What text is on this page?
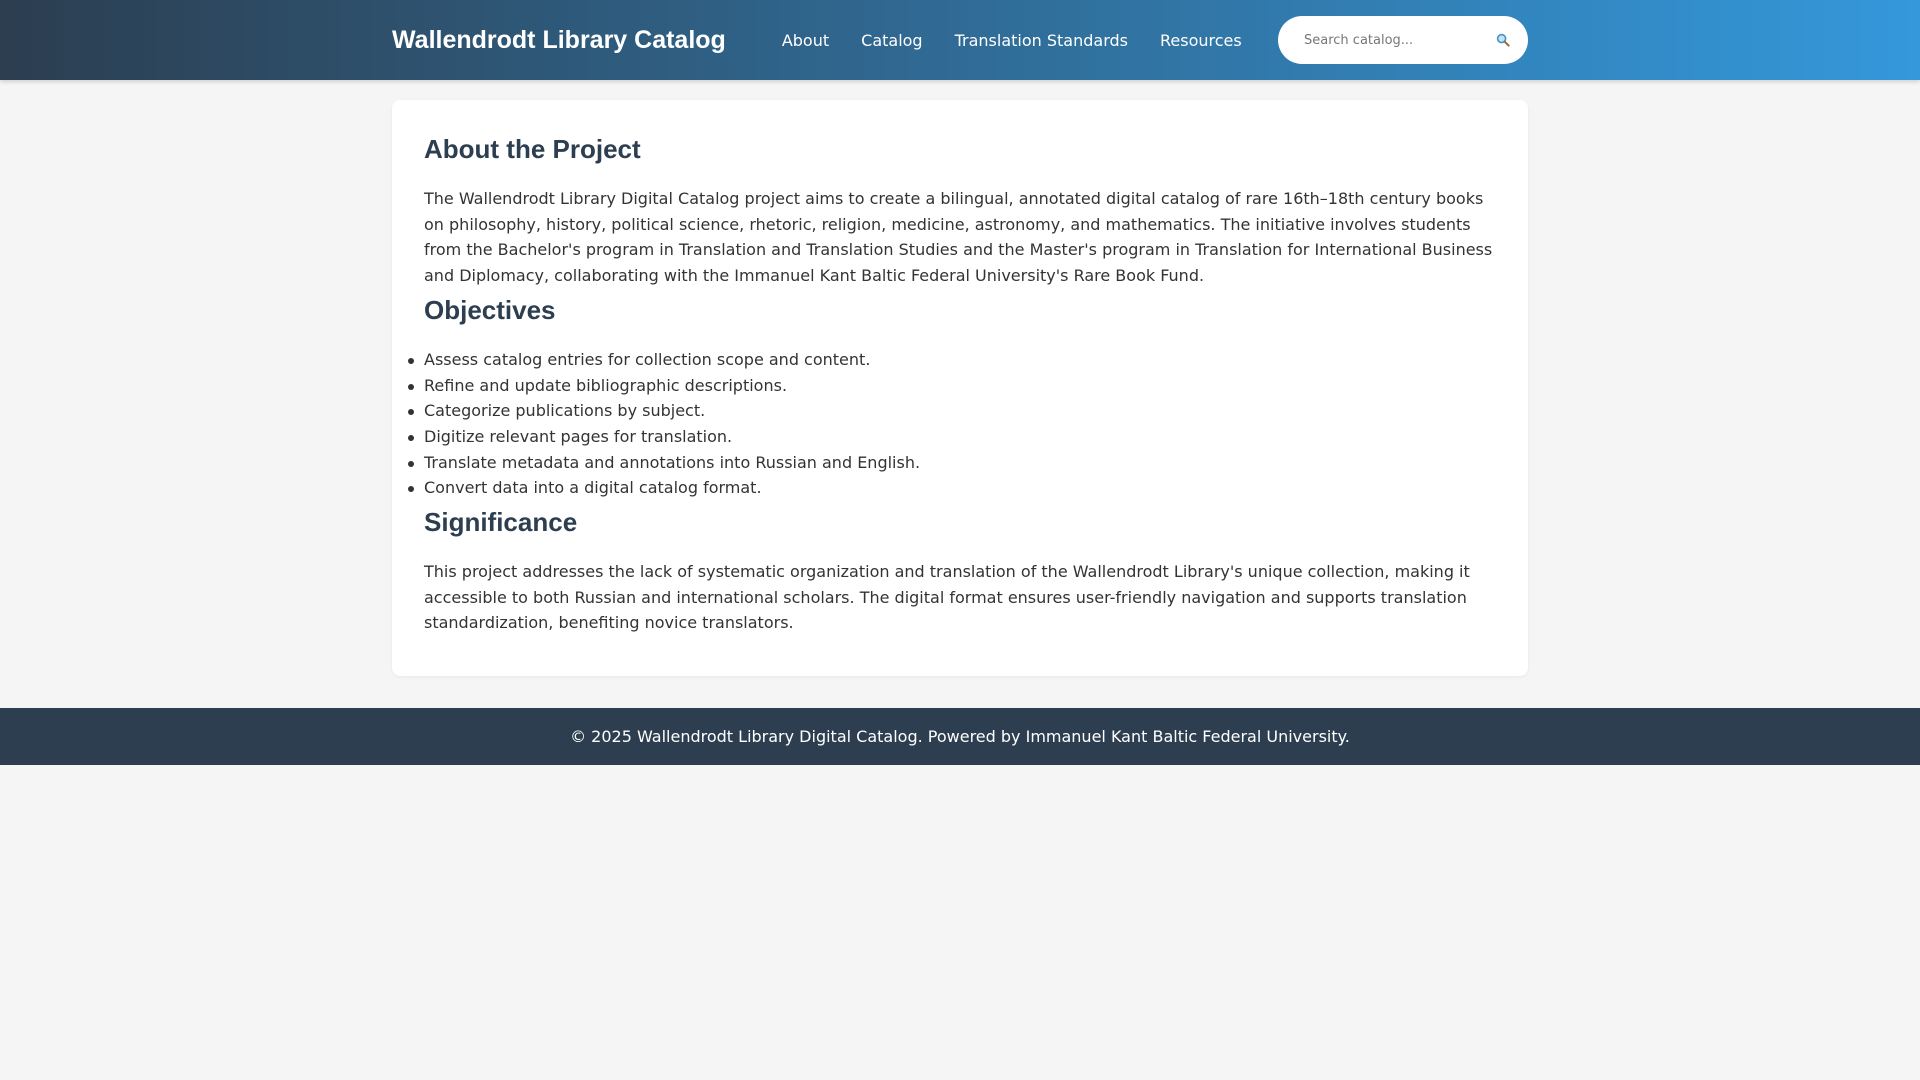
Wallendrodt Library Catalog	About Catalog Translation Standards Resources
Search catalog...
About the Project

The Wallendrodt Library Digital Catalog project aims to create a bilingual, annotated digital catalog of rare 16th–18th century books on philosophy, history, political science, rhetoric, religion, medicine, astronomy, and mathematics. The initiative involves students from the Bachelor's program in Translation and Translation Studies and the Master's program in Translation for International Business and Diplomacy, collaborating with the Immanuel Kant Baltic Federal University's Rare Book Fund.

Objectives
Assess catalog entries for collection scope and content.
Refine and update bibliographic descriptions.
Categorize publications by subject.
Digitize relevant pages for translation.
Translate metadata and annotations into Russian and English.
Convert data into a digital catalog format.
Significance

This project addresses the lack of systematic organization and translation of the Wallendrodt Library's unique collection, making it accessible to both Russian and international scholars. The digital format ensures user-friendly navigation and supports translation standardization, benefiting novice translators.

© 2025 Wallendrodt Library Digital Catalog. Powered by Immanuel Kant Baltic Federal University.
